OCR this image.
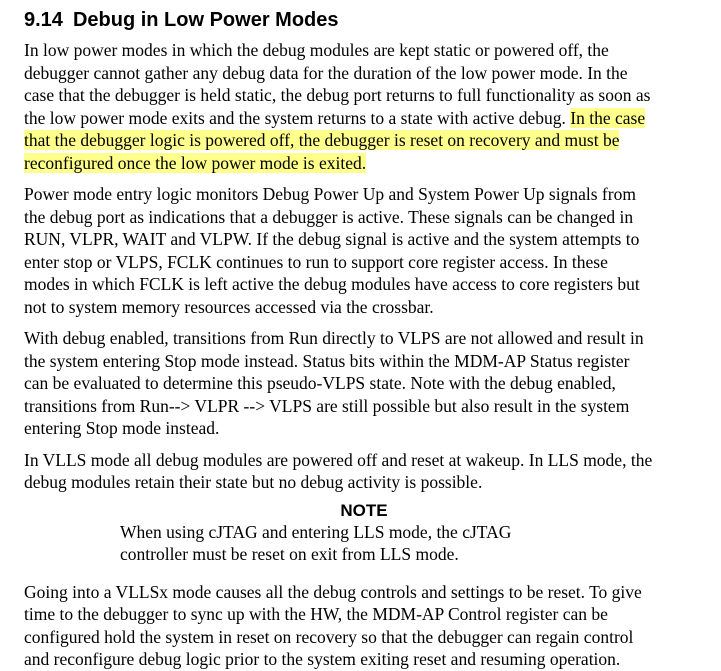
9.14 Debug in Low Power Modes

In low power modes in which the debug modules are kept static or powered off, the
debugger cannot gather any debug data for the duration of the low power mode. In the
case that the debugger is held static, the debug port returns to full functionality as soon as
the low power mode exits and the system returns to a state with active debug. In the case
that the debugger logic is powered off, the debugger is reset on recovery and must be
reconfigured once the low power mode is exited.

Power mode entry logic monitors Debug Power Up and System Power Up signals from
the debug port as indications that a debugger is active. These signals can be changed in
RUN, VLPR, WAIT and VLPW. If the debug signal is active and the system attempts to
enter stop or VLPS, FCLK continues to run to support core register access. In these
modes in which FCLK is left active the debug modules have access to core registers but
not to system memory resources accessed via the crossbar.

With debug enabled, transitions from Run directly to VLPS are not allowed and result in
the system entering Stop mode instead. Status bits within the MDM-AP Status register
can be evaluated to determine this pseudo-VLPS state. Note with the debug enabled,
transitions from Run--> VLPR --> VLPS are still possible but also result in the system
entering Stop mode instead.

In VLLS mode all debug modules are powered off and reset at wakeup. In LLS mode, the
debug modules retain their state but no debug activity is possible.

NOTE
When using cJTAG and entering LLS mode, the cJTAG
controller must be reset on exit from LLS mode.

Going into a VLLSx mode causes all the debug controls and settings to be reset. To give
time to the debugger to sync up with the HW, the MDM-AP Control register can be
configured hold the system in reset on recovery so that the debugger can regain control
and reconfigure debug logic prior to the system exiting reset and resuming operation.
